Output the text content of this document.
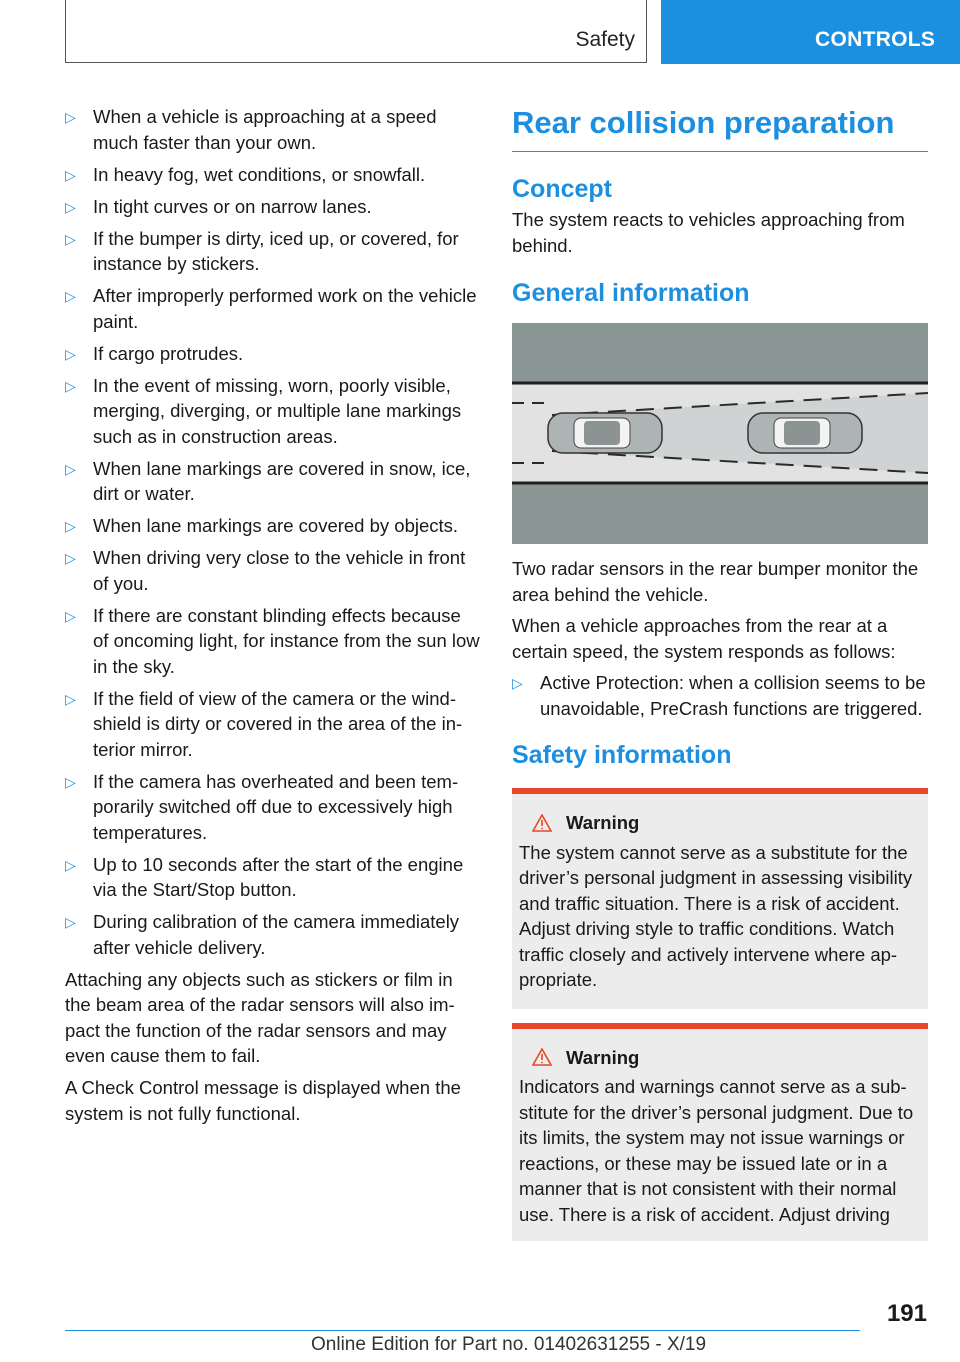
Safety	CONTROLS
▷ When a vehicle is approaching at a speed much faster than your own.
▷ In heavy fog, wet conditions, or snowfall.
▷ In tight curves or on narrow lanes.
▷ If the bumper is dirty, iced up, or covered, for instance by stickers.
▷ After improperly performed work on the vehicle paint.
▷ If cargo protrudes.
▷ In the event of missing, worn, poorly visible, merging, diverging, or multiple lane markings such as in construction areas.
▷ When lane markings are covered in snow, ice, dirt or water.
▷ When lane markings are covered by objects.
▷ When driving very close to the vehicle in front of you.
▷ If there are constant blinding effects because of oncoming light, for instance from the sun low in the sky.
▷ If the field of view of the camera or the windshield is dirty or covered in the area of the interior mirror.
▷ If the camera has overheated and been temporarily switched off due to excessively high temperatures.
▷ Up to 10 seconds after the start of the engine via the Start/Stop button.
▷ During calibration of the camera immediately after vehicle delivery.

Attaching any objects such as stickers or film in the beam area of the radar sensors will also impact the function of the radar sensors and may even cause them to fail.

A Check Control message is displayed when the system is not fully functional.

Rear collision preparation
Concept

The system reacts to vehicles approaching from behind.

General information

Two radar sensors in the rear bumper monitor the area behind the vehicle.

When a vehicle approaches from the rear at a certain speed, the system responds as follows:

▷ Active Protection: when a collision seems to be unavoidable, PreCrash functions are triggered.
Safety information
Warning
The system cannot serve as a substitute for the driver’s personal judgment in assessing visibility and traffic situation. There is a risk of accident. Adjust driving style to traffic conditions. Watch traffic closely and actively intervene where appropriate.
Warning
Indicators and warnings cannot serve as a substitute for the driver’s personal judgment. Due to its limits, the system may not issue warnings or reactions, or these may be issued late or in a manner that is not consistent with their normal use. There is a risk of accident. Adjust driving
191
Online Edition for Part no. 01402631255 - X/19
